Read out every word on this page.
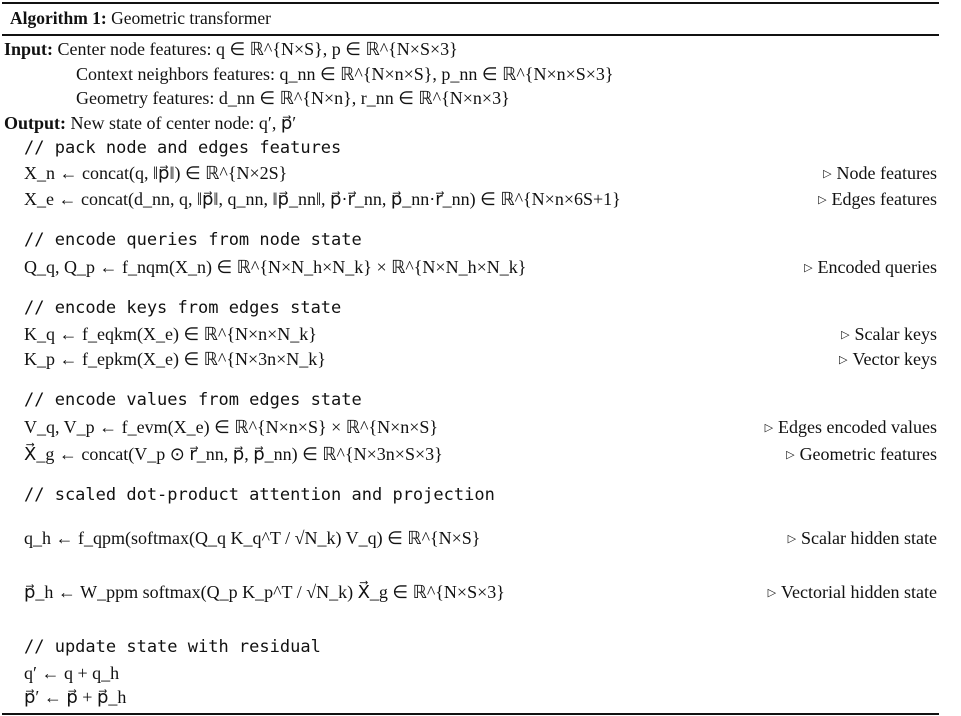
Algorithm 1: Geometric transformer
Input: Center node features: q ∈ ℝ^{N×S}, p ∈ ℝ^{N×S×3}
Context neighbors features: q_nn ∈ ℝ^{N×n×S}, p_nn ∈ ℝ^{N×n×S×3}
Geometry features: d_nn ∈ ℝ^{N×n}, r_nn ∈ ℝ^{N×n×3}
Output: New state of center node: q′, p⃗′
// pack node and edges features
X_n ← concat(q, ‖p⃗‖) ∈ ℝ^{N×2S}	▷ Node features
X_e ← concat(d_nn, q, ‖p⃗‖, q_nn, ‖p⃗_nn‖, p⃗·r⃗_nn, p⃗_nn·r⃗_nn) ∈ ℝ^{N×n×6S+1}	▷ Edges features
// encode queries from node state
Q_q, Q_p ← f_nqm(X_n) ∈ ℝ^{N×N_h×N_k} × ℝ^{N×N_h×N_k}	▷ Encoded queries
// encode keys from edges state
K_q ← f_eqkm(X_e) ∈ ℝ^{N×n×N_k}	▷ Scalar keys
K_p ← f_epkm(X_e) ∈ ℝ^{N×3n×N_k}	▷ Vector keys
// encode values from edges state
V_q, V_p ← f_evm(X_e) ∈ ℝ^{N×n×S} × ℝ^{N×n×S}	▷ Edges encoded values
X⃗_g ← concat(V_p ⊙ r⃗_nn, p⃗, p⃗_nn) ∈ ℝ^{N×3n×S×3}	▷ Geometric features
// scaled dot-product attention and projection
q_h ← f_qpm(softmax(Q_q K_q^T / √N_k) V_q) ∈ ℝ^{N×S}	▷ Scalar hidden state
p⃗_h ← W_ppm softmax(Q_p K_p^T / √N_k) X⃗_g ∈ ℝ^{N×S×3}	▷ Vectorial hidden state
// update state with residual
q′ ← q + q_h
p⃗′ ← p⃗ + p⃗_h
